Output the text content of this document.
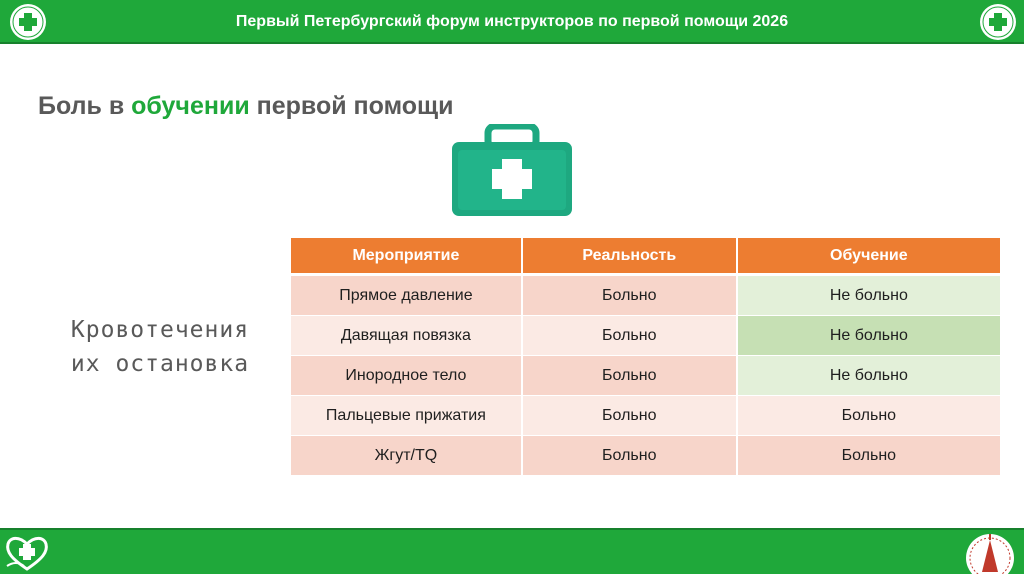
Первый Петербургский форум инструкторов по первой помощи 2026
Боль в обучении первой помощи
Кровотечения
их остановка
Мероприятие	Реальность	Обучение
Прямое давление	Больно	Не больно
Давящая повязка	Больно	Не больно
Инородное тело	Больно	Не больно
Пальцевые прижатия	Больно	Больно
Жгут/TQ	Больно	Больно
